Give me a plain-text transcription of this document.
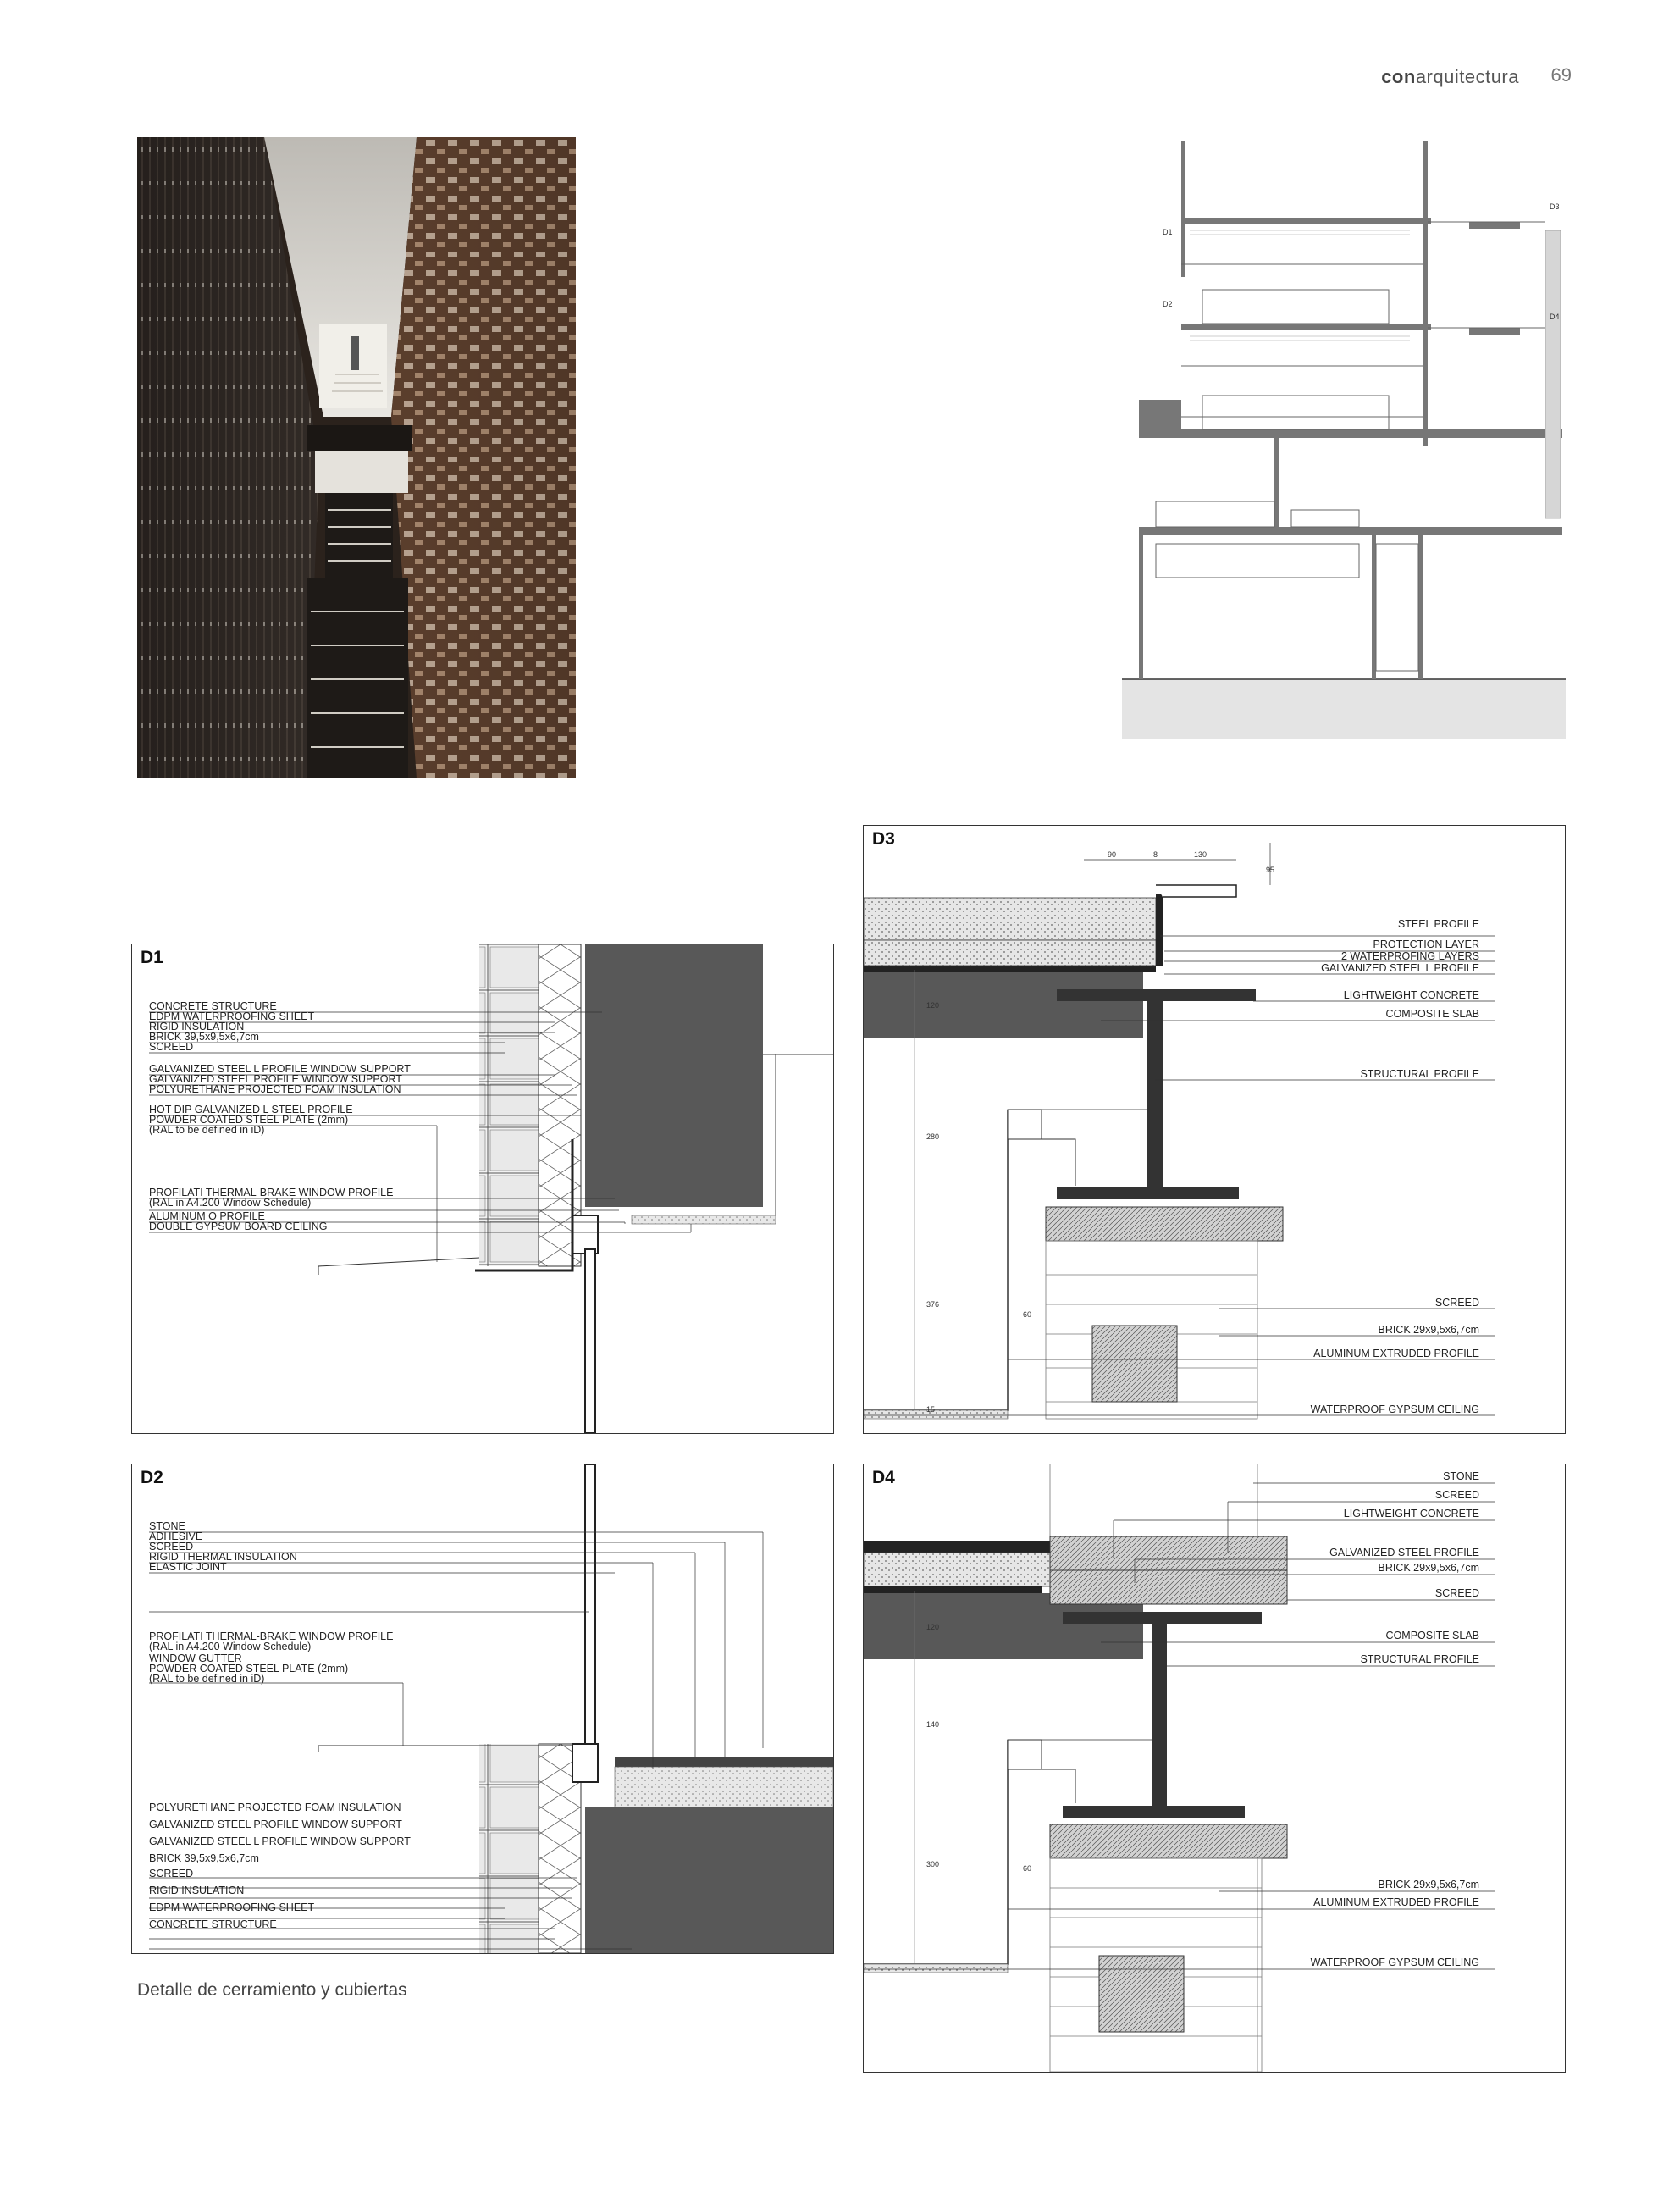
conarquitectura 69
D3
D1
D2
D4
D1
CONCRETE STRUCTURE
EDPM WATERPROOFING SHEET
RIGID INSULATION
BRICK 39,5x9,5x6,7cm
SCREED
GALVANIZED STEEL L PROFILE WINDOW SUPPORT
GALVANIZED STEEL PROFILE WINDOW SUPPORT
POLYURETHANE PROJECTED FOAM INSULATION
HOT DIP GALVANIZED L STEEL PROFILE
POWDER COATED STEEL PLATE (2mm)
(RAL to be defined in iD)
PROFILATI THERMAL-BRAKE WINDOW PROFILE
(RAL in A4.200 Window Schedule)
ALUMINUM O PROFILE
DOUBLE GYPSUM BOARD CEILING
D2
STONE
ADHESIVE
SCREED
RIGID THERMAL INSULATION
ELASTIC JOINT
PROFILATI THERMAL-BRAKE WINDOW PROFILE
(RAL in A4.200 Window Schedule)
WINDOW GUTTER
POWDER COATED STEEL PLATE (2mm)
(RAL to be defined in iD)
POLYURETHANE PROJECTED FOAM INSULATION
GALVANIZED STEEL PROFILE WINDOW SUPPORT
GALVANIZED STEEL L PROFILE WINDOW SUPPORT
BRICK 39,5x9,5x6,7cm
SCREED
RIGID INSULATION
EDPM WATERPROOFING SHEET
CONCRETE STRUCTURE
D3
STEEL PROFILE
PROTECTION LAYER
2 WATERPROFING LAYERS
GALVANIZED STEEL L PROFILE
LIGHTWEIGHT CONCRETE
COMPOSITE SLAB
STRUCTURAL PROFILE
SCREED
BRICK 29x9,5x6,7cm
ALUMINUM EXTRUDED PROFILE
WATERPROOF GYPSUM CEILING
90	8	130
95
120
280
376
60
15
D4	STONE
SCREED
LIGHTWEIGHT CONCRETE
GALVANIZED STEEL PROFILE
BRICK 29x9,5x6,7cm
SCREED
COMPOSITE SLAB
STRUCTURAL PROFILE
BRICK 29x9,5x6,7cm
ALUMINUM EXTRUDED PROFILE
WATERPROOF GYPSUM CEILING
120
140
300	60
Detalle de cerramiento y cubiertas
